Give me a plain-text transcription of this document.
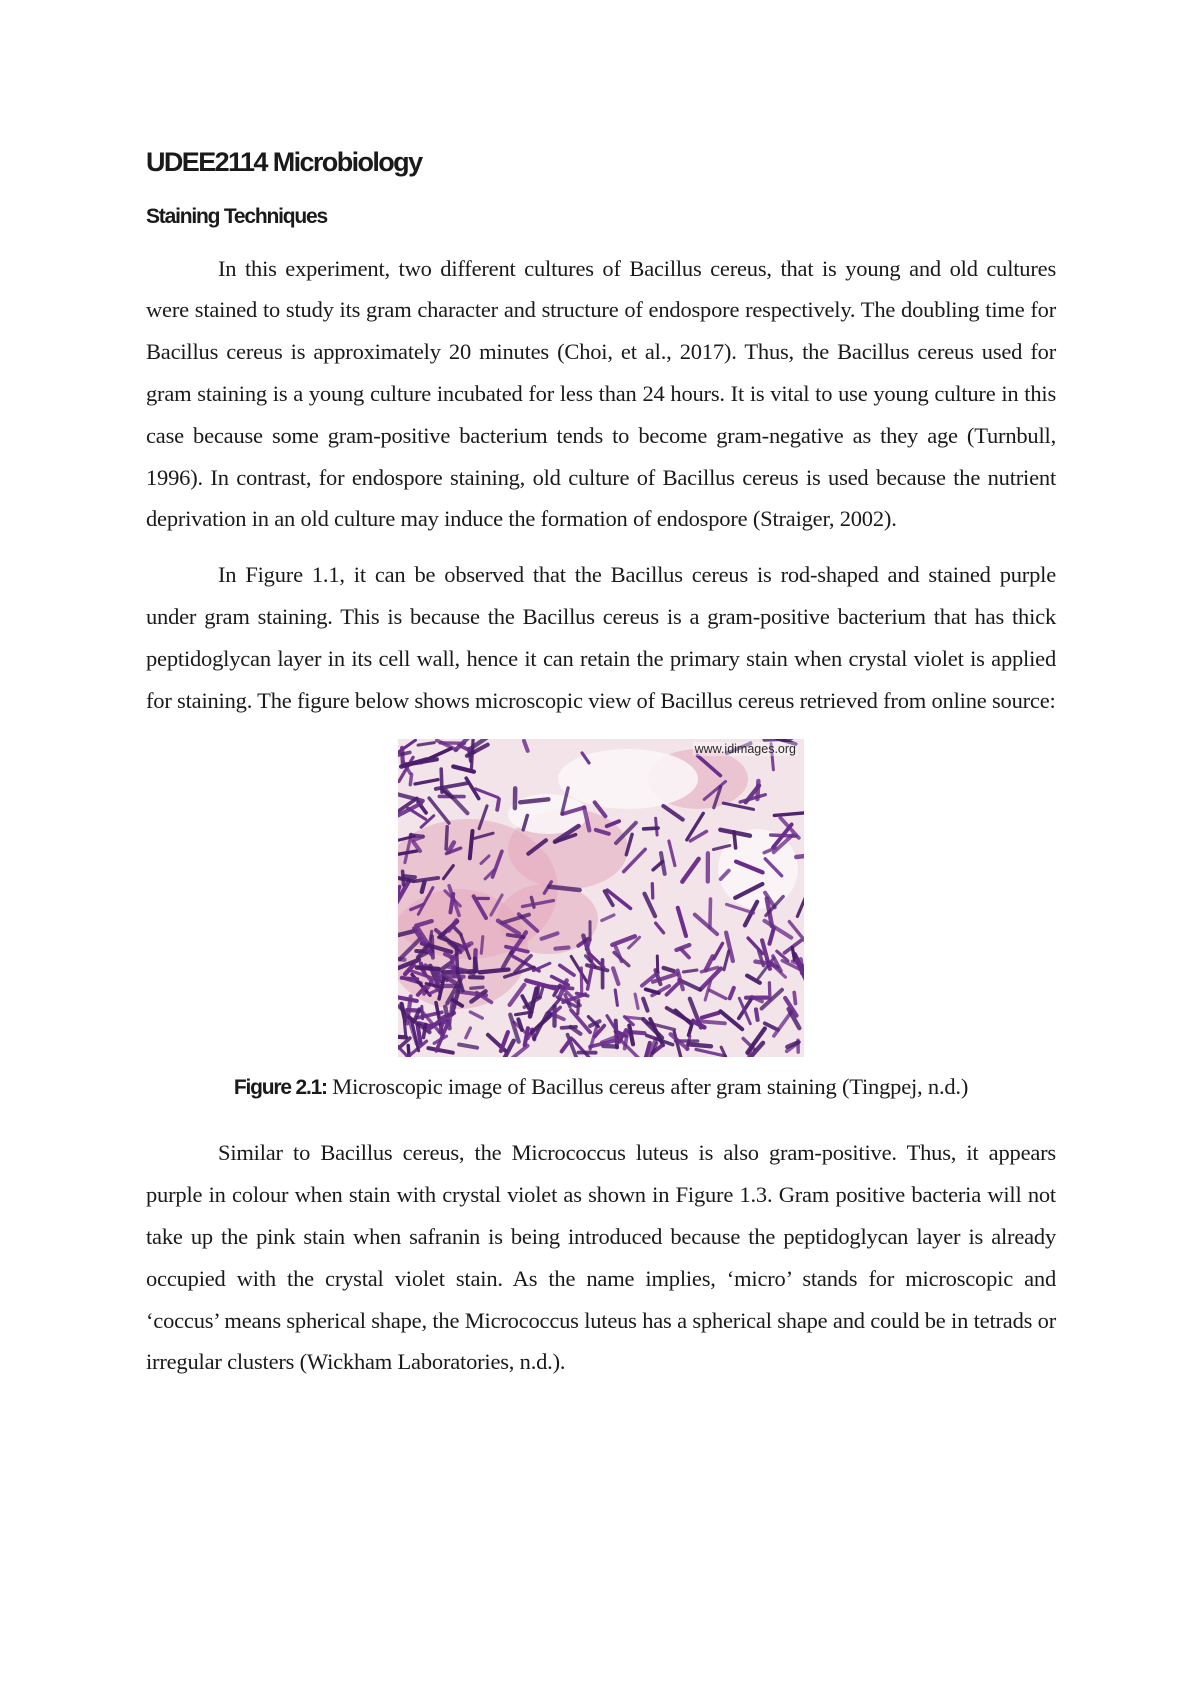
UDEE2114 Microbiology
Staining Techniques

In this experiment, two different cultures of Bacillus cereus, that is young and old cultures were stained to study its gram character and structure of endospore respectively. The doubling time for Bacillus cereus is approximately 20 minutes (Choi, et al., 2017). Thus, the Bacillus cereus used for gram staining is a young culture incubated for less than 24 hours. It is vital to use young culture in this case because some gram-positive bacterium tends to become gram-negative as they age (Turnbull, 1996). In contrast, for endospore staining, old culture of Bacillus cereus is used because the nutrient deprivation in an old culture may induce the formation of endospore (Straiger, 2002).

In Figure 1.1, it can be observed that the Bacillus cereus is rod-shaped and stained purple under gram staining. This is because the Bacillus cereus is a gram-positive bacterium that has thick peptidoglycan layer in its cell wall, hence it can retain the primary stain when crystal violet is applied for staining. The figure below shows microscopic view of Bacillus cereus retrieved from online source:

www.idimages.org
Figure 2.1: Microscopic image of Bacillus cereus after gram staining (Tingpej, n.d.)

Similar to Bacillus cereus, the Micrococcus luteus is also gram-positive. Thus, it appears purple in colour when stain with crystal violet as shown in Figure 1.3. Gram positive bacteria will not take up the pink stain when safranin is being introduced because the peptidoglycan layer is already occupied with the crystal violet stain. As the name implies, ‘micro’ stands for microscopic and ‘coccus’ means spherical shape, the Micrococcus luteus has a spherical shape and could be in tetrads or irregular clusters (Wickham Laboratories, n.d.).
